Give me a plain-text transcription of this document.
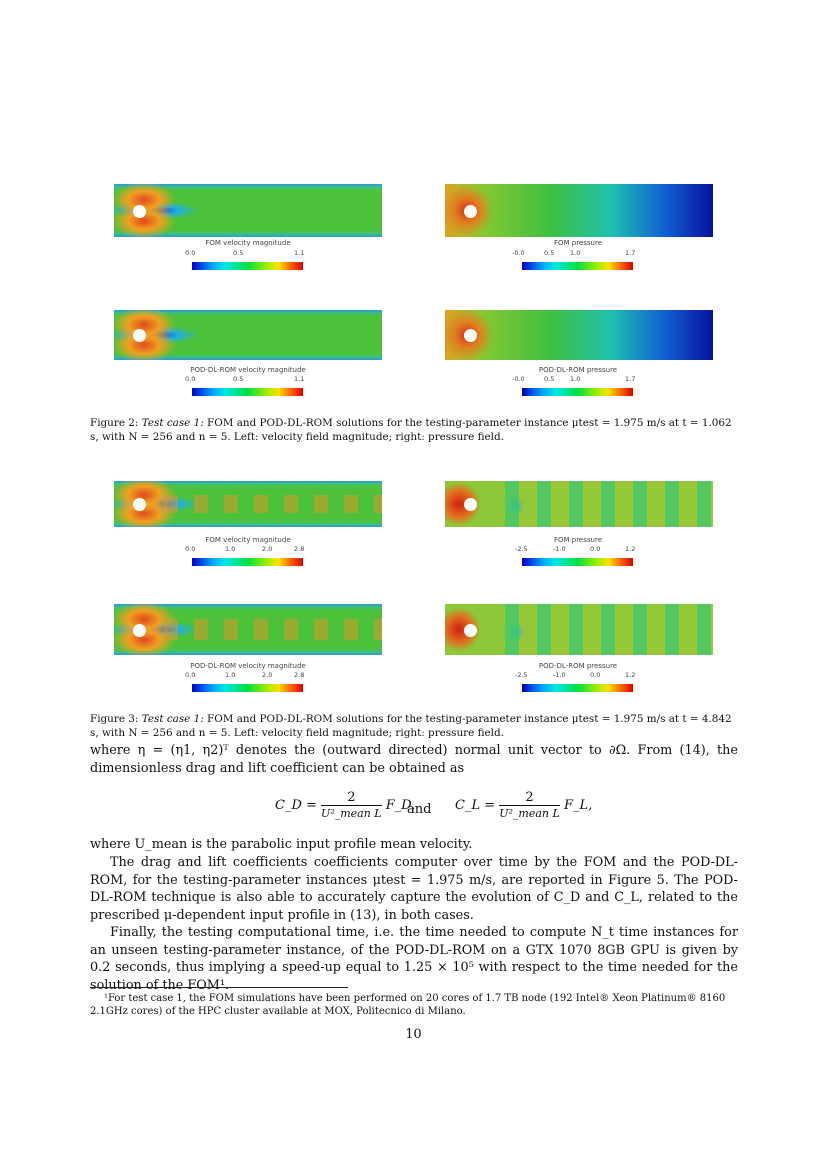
FOM velocity magnitude
0.0	0.5	1.1
FOM pressure
-0.0	0.5 1.0	1.7
POD-DL-ROM velocity magnitude
0.0	0.5	1.1
POD-DL-ROM pressure
-0.0	0.5 1.0	1.7
Figure 2: Test case 1: FOM and POD-DL-ROM solutions for the testing-parameter instance μtest = 1.975 m/s at t = 1.062 s, with N = 256 and n = 5. Left: velocity field magnitude; right: pressure field.
FOM velocity magnitude
0.0	1.0	2.0	2.8
FOM pressure
-2.5	-1.0	0.0	1.2
POD-DL-ROM velocity magnitude
0.0	1.0	2.0	2.8
POD-DL-ROM pressure
-2.5	-1.0	0.0	1.2
Figure 3: Test case 1: FOM and POD-DL-ROM solutions for the testing-parameter instance μtest = 1.975 m/s at t = 4.842 s, with N = 256 and n = 5. Left: velocity field magnitude; right: pressure field.

where η = (η1, η2)ᵀ denotes the (outward directed) normal unit vector to ∂Ω. From (14), the dimensionless drag and lift coefficient can be obtained as

C_D = $\frac{2}{\text{U²\_mean L}}$ F_D,
and C_L = $\frac{2}{\text{U²\_mean L}}$ F_L,

where U_mean is the parabolic input profile mean velocity.

The drag and lift coefficients coefficients computer over time by the FOM and the POD-DL-ROM, for the testing-parameter instances μtest = 1.975 m/s, are reported in Figure 5. The POD-DL-ROM technique is also able to accurately capture the evolution of C_D and C_L, related to the prescribed μ-dependent input profile in (13), in both cases.

Finally, the testing computational time, i.e. the time needed to compute N_t time instances for an unseen testing-parameter instance, of the POD-DL-ROM on a GTX 1070 8GB GPU is given by 0.2 seconds, thus implying a speed-up equal to 1.25 × 10⁵ with respect to the time needed for the solution of the FOM¹.

¹For test case 1, the FOM simulations have been performed on 20 cores of 1.7 TB node (192 Intel® Xeon Platinum® 8160 2.1GHz cores) of the HPC cluster available at MOX, Politecnico di Milano.

10
